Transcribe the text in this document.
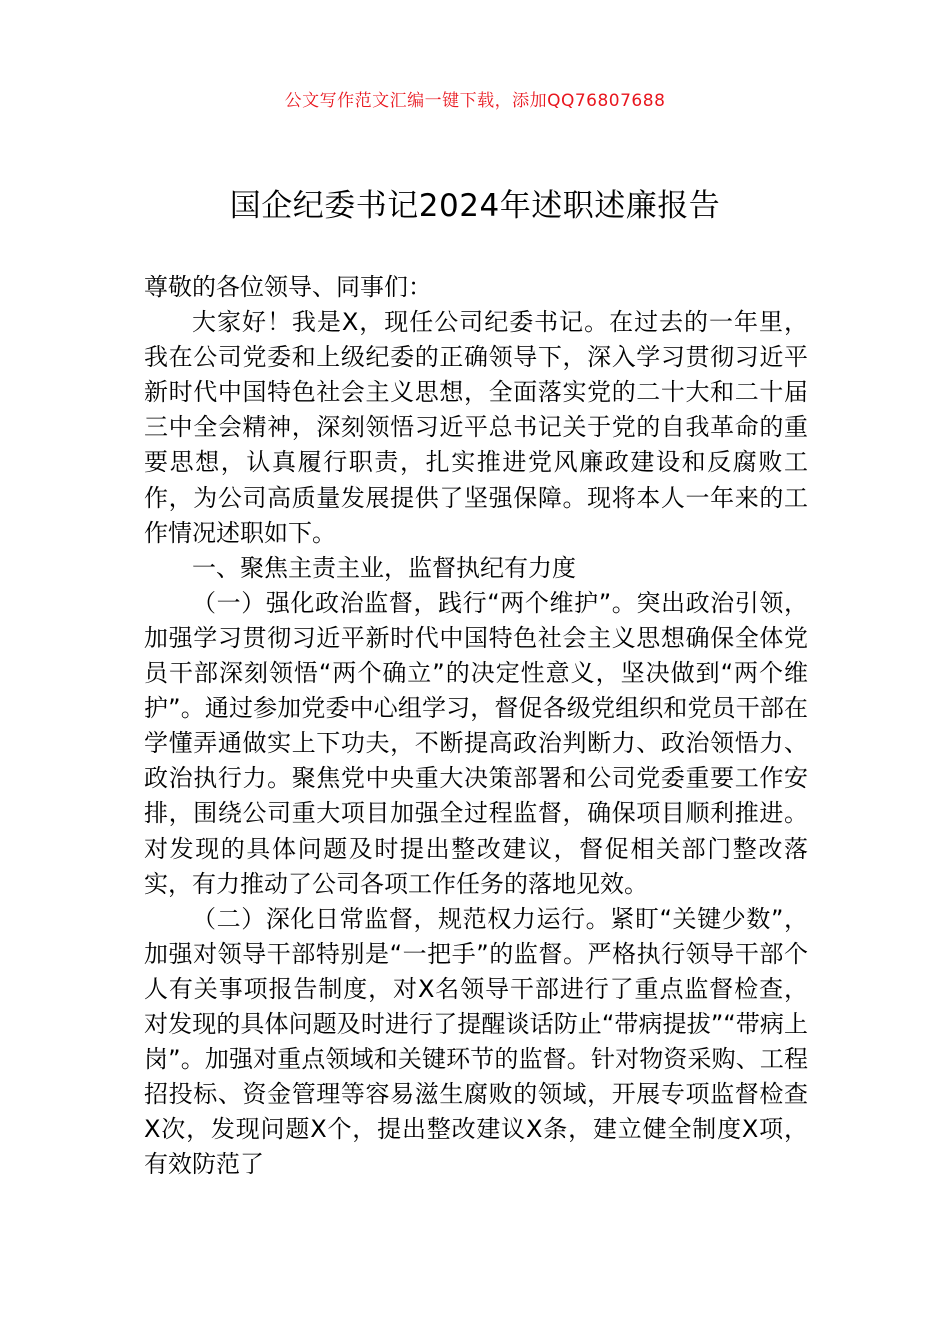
公文写作范文汇编一键下载，添加QQ76807688
国企纪委书记2024年述职述廉报告

尊敬的各位领导、同事们：

大家好！我是X，现任公司纪委书记。在过去的一年里，我在公司党委和上级纪委的正确领导下，深入学习贯彻习近平新时代中国特色社会主义思想，全面落实党的二十大和二十届三中全会精神，深刻领悟习近平总书记关于党的自我革命的重要思想，认真履行职责，扎实推进党风廉政建设和反腐败工作，为公司高质量发展提供了坚强保障。现将本人一年来的工作情况述职如下。

一、聚焦主责主业，监督执纪有力度

（一）强化政治监督，践行“两个维护”。突出政治引领，加强学习贯彻习近平新时代中国特色社会主义思想确保全体党员干部深刻领悟“两个确立”的决定性意义，坚决做到“两个维护”。通过参加党委中心组学习，督促各级党组织和党员干部在学懂弄通做实上下功夫，不断提高政治判断力、政治领悟力、政治执行力。聚焦党中央重大决策部署和公司党委重要工作安排，围绕公司重大项目加强全过程监督，确保项目顺利推进。对发现的具体问题及时提出整改建议，督促相关部门整改落实，有力推动了公司各项工作任务的落地见效。

（二）深化日常监督，规范权力运行。紧盯“关键少数”，加强对领导干部特别是“一把手”的监督。严格执行领导干部个人有关事项报告制度，对X名领导干部进行了重点监督检查，对发现的具体问题及时进行了提醒谈话防止“带病提拔”“带病上岗”。加强对重点领域和关键环节的监督。针对物资采购、工程招投标、资金管理等容易滋生腐败的领域，开展专项监督检查X次，发现问题X个，提出整改建议X条，建立健全制度X项，有效防范了
